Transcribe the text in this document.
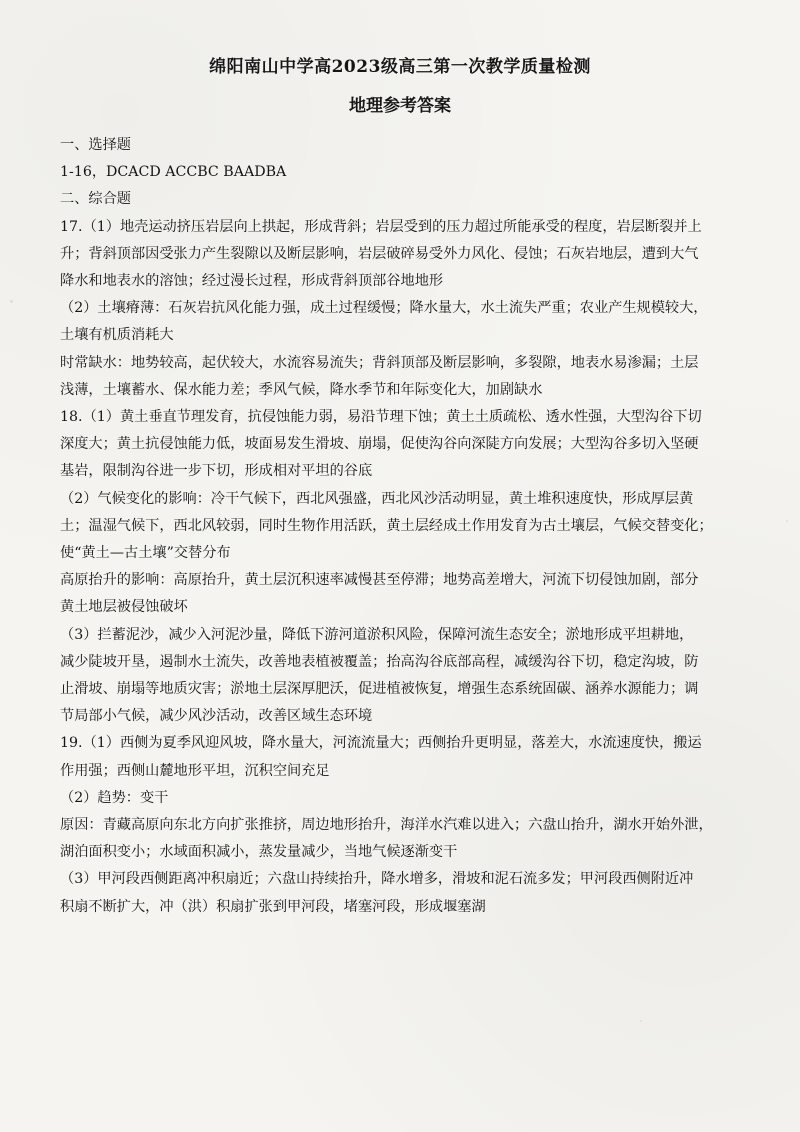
绵阳南山中学高2023级高三第一次教学质量检测
地理参考答案

一、选择题

1-16，DCACD ACCBC BAADBA

二、综合题

17.（1）地壳运动挤压岩层向上拱起，形成背斜；岩层受到的压力超过所能承受的程度，岩层断裂并上

升；背斜顶部因受张力产生裂隙以及断层影响，岩层破碎易受外力风化、侵蚀；石灰岩地层，遭到大气

降水和地表水的溶蚀；经过漫长过程，形成背斜顶部谷地地形

（2）土壤瘠薄：石灰岩抗风化能力强，成土过程缓慢；降水量大，水土流失严重；农业产生规模较大，

土壤有机质消耗大

时常缺水：地势较高，起伏较大，水流容易流失；背斜顶部及断层影响，多裂隙，地表水易渗漏；土层

浅薄，土壤蓄水、保水能力差；季风气候，降水季节和年际变化大，加剧缺水

18.（1）黄土垂直节理发育，抗侵蚀能力弱，易沿节理下蚀；黄土土质疏松、透水性强，大型沟谷下切

深度大；黄土抗侵蚀能力低，坡面易发生滑坡、崩塌，促使沟谷向深陡方向发展；大型沟谷多切入坚硬

基岩，限制沟谷进一步下切，形成相对平坦的谷底

（2）气候变化的影响：冷干气候下，西北风强盛，西北风沙活动明显，黄土堆积速度快，形成厚层黄

土；温湿气候下，西北风较弱，同时生物作用活跃，黄土层经成土作用发育为古土壤层，气候交替变化；

使“黄土—古土壤”交替分布

高原抬升的影响：高原抬升，黄土层沉积速率减慢甚至停滞；地势高差增大，河流下切侵蚀加剧，部分

黄土地层被侵蚀破坏

（3）拦蓄泥沙，减少入河泥沙量，降低下游河道淤积风险，保障河流生态安全；淤地形成平坦耕地，

减少陡坡开垦，遏制水土流失，改善地表植被覆盖；抬高沟谷底部高程，减缓沟谷下切，稳定沟坡，防

止滑坡、崩塌等地质灾害；淤地土层深厚肥沃，促进植被恢复，增强生态系统固碳、涵养水源能力；调

节局部小气候，减少风沙活动，改善区域生态环境

19.（1）西侧为夏季风迎风坡，降水量大，河流流量大；西侧抬升更明显，落差大，水流速度快，搬运

作用强；西侧山麓地形平坦，沉积空间充足

（2）趋势：变干

原因：青藏高原向东北方向扩张推挤，周边地形抬升，海洋水汽难以进入；六盘山抬升，湖水开始外泄，

湖泊面积变小；水域面积减小，蒸发量减少，当地气候逐渐变干

（3）甲河段西侧距离冲积扇近；六盘山持续抬升，降水增多，滑坡和泥石流多发；甲河段西侧附近冲

积扇不断扩大，冲（洪）积扇扩张到甲河段，堵塞河段，形成堰塞湖
